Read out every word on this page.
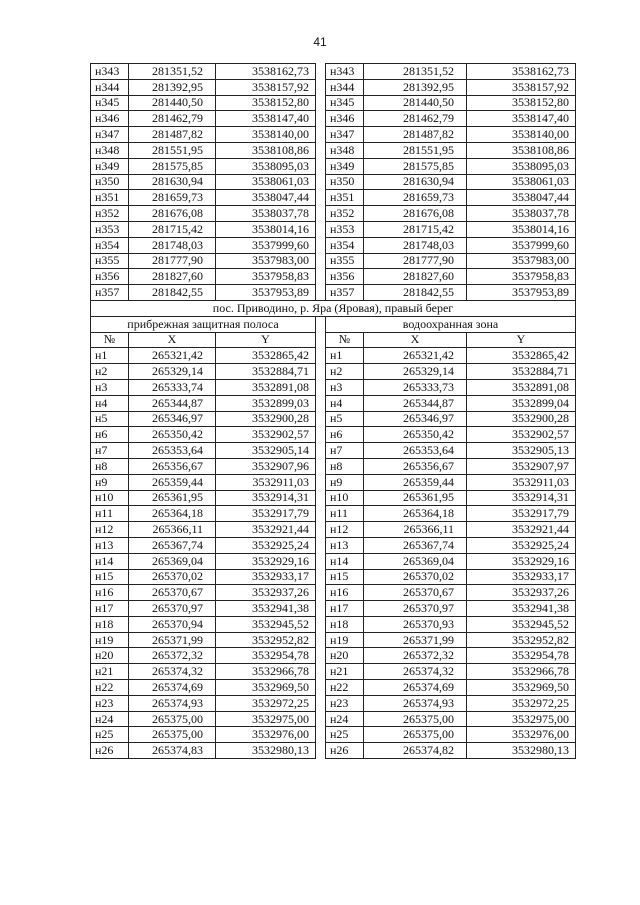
41
н343	281351,52	3538162,73		н343	281351,52	3538162,73
н344	281392,95	3538157,92		н344	281392,95	3538157,92
н345	281440,50	3538152,80		н345	281440,50	3538152,80
н346	281462,79	3538147,40		н346	281462,79	3538147,40
н347	281487,82	3538140,00		н347	281487,82	3538140,00
н348	281551,95	3538108,86		н348	281551,95	3538108,86
н349	281575,85	3538095,03		н349	281575,85	3538095,03
н350	281630,94	3538061,03		н350	281630,94	3538061,03
н351	281659,73	3538047,44		н351	281659,73	3538047,44
н352	281676,08	3538037,78		н352	281676,08	3538037,78
н353	281715,42	3538014,16		н353	281715,42	3538014,16
н354	281748,03	3537999,60		н354	281748,03	3537999,60
н355	281777,90	3537983,00		н355	281777,90	3537983,00
н356	281827,60	3537958,83		н356	281827,60	3537958,83
н357	281842,55	3537953,89		н357	281842,55	3537953,89
пос. Приводино, р. Яра (Яровая), правый берег						
прибрежная защитная полоса				водоохранная зона		
№	X	Y		№	X	Y
н1	265321,42	3532865,42		н1	265321,42	3532865,42
н2	265329,14	3532884,71		н2	265329,14	3532884,71
н3	265333,74	3532891,08		н3	265333,73	3532891,08
н4	265344,87	3532899,03		н4	265344,87	3532899,04
н5	265346,97	3532900,28		н5	265346,97	3532900,28
н6	265350,42	3532902,57		н6	265350,42	3532902,57
н7	265353,64	3532905,14		н7	265353,64	3532905,13
н8	265356,67	3532907,96		н8	265356,67	3532907,97
н9	265359,44	3532911,03		н9	265359,44	3532911,03
н10	265361,95	3532914,31		н10	265361,95	3532914,31
н11	265364,18	3532917,79		н11	265364,18	3532917,79
н12	265366,11	3532921,44		н12	265366,11	3532921,44
н13	265367,74	3532925,24		н13	265367,74	3532925,24
н14	265369,04	3532929,16		н14	265369,04	3532929,16
н15	265370,02	3532933,17		н15	265370,02	3532933,17
н16	265370,67	3532937,26		н16	265370,67	3532937,26
н17	265370,97	3532941,38		н17	265370,97	3532941,38
н18	265370,94	3532945,52		н18	265370,93	3532945,52
н19	265371,99	3532952,82		н19	265371,99	3532952,82
н20	265372,32	3532954,78		н20	265372,32	3532954,78
н21	265374,32	3532966,78		н21	265374,32	3532966,78
н22	265374,69	3532969,50		н22	265374,69	3532969,50
н23	265374,93	3532972,25		н23	265374,93	3532972,25
н24	265375,00	3532975,00		н24	265375,00	3532975,00
н25	265375,00	3532976,00		н25	265375,00	3532976,00
н26	265374,83	3532980,13		н26	265374,82	3532980,13
